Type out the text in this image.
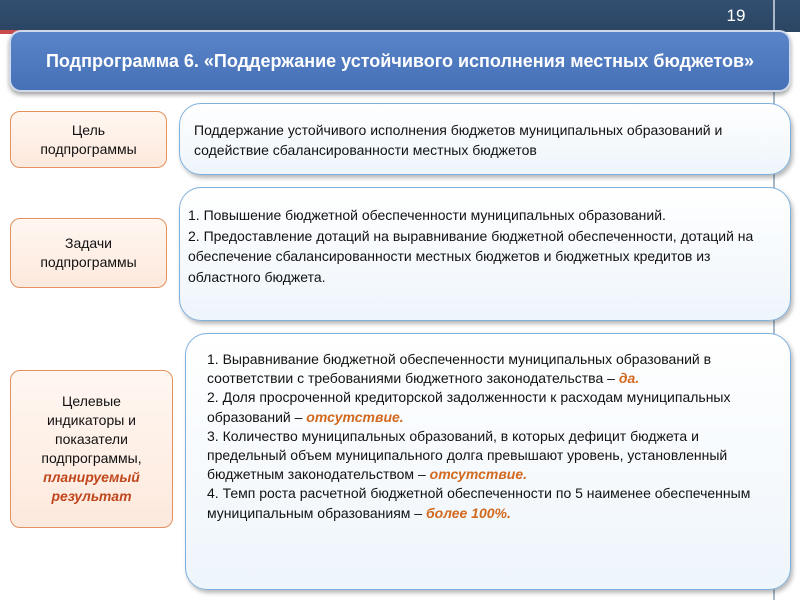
19
Подпрограмма 6. «Поддержание устойчивого исполнения местных бюджетов»
Цель
подпрограммы

Поддержание устойчивого исполнения бюджетов муниципальных образований и содействие сбалансированности местных бюджетов

Задачи
подпрограммы

1. Повышение бюджетной обеспеченности муниципальных образований.

2. Предоставление дотаций на выравнивание бюджетной обеспеченности, дотаций на обеспечение сбалансированности местных бюджетов и бюджетных кредитов из областного бюджета.

Целевые
индикаторы и
показатели
подпрограммы,
планируемый
результат

1. Выравнивание бюджетной обеспеченности муниципальных образований в соответствии с требованиями бюджетного законодательства – да.

2. Доля просроченной кредиторской задолженности к расходам муниципальных образований – отсутствие.

3. Количество муниципальных образований, в которых дефицит бюджета и предельный объем муниципального долга превышают уровень, установленный бюджетным законодательством – отсутствие.

4. Темп роста расчетной бюджетной обеспеченности по 5 наименее обеспеченным муниципальным образованиям – более 100%.
